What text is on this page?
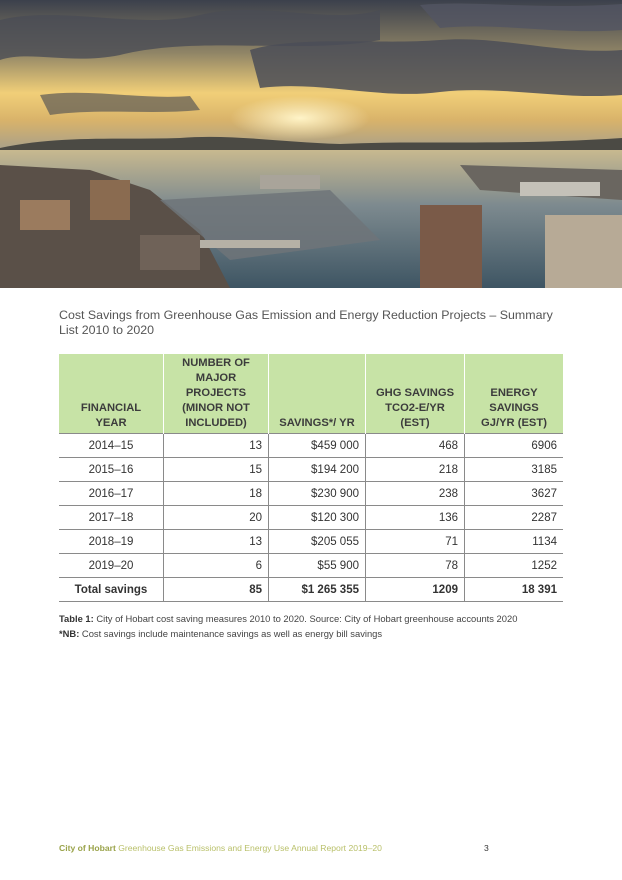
Cost Savings from Greenhouse Gas Emission and Energy Reduction Projects – Summary List 2010 to 2020
FINANCIAL YEAR	NUMBER OF MAJOR PROJECTS (MINOR NOT INCLUDED)	SAVINGS*/ YR	GHG SAVINGS TCO2-E/YR (EST)	ENERGY SAVINGS GJ/YR (EST)
2014–15	13	$459 000	468	6906
2015–16	15	$194 200	218	3185
2016–17	18	$230 900	238	3627
2017–18	20	$120 300	136	2287
2018–19	13	$205 055	71	1134
2019–20	6	$55 900	78	1252
Total savings	85	$1 265 355	1209	18 391
Table 1: City of Hobart cost saving measures 2010 to 2020. Source: City of Hobart greenhouse accounts 2020
*NB: Cost savings include maintenance savings as well as energy bill savings
City of Hobart Greenhouse Gas Emissions and Energy Use Annual Report 2019–20	3
